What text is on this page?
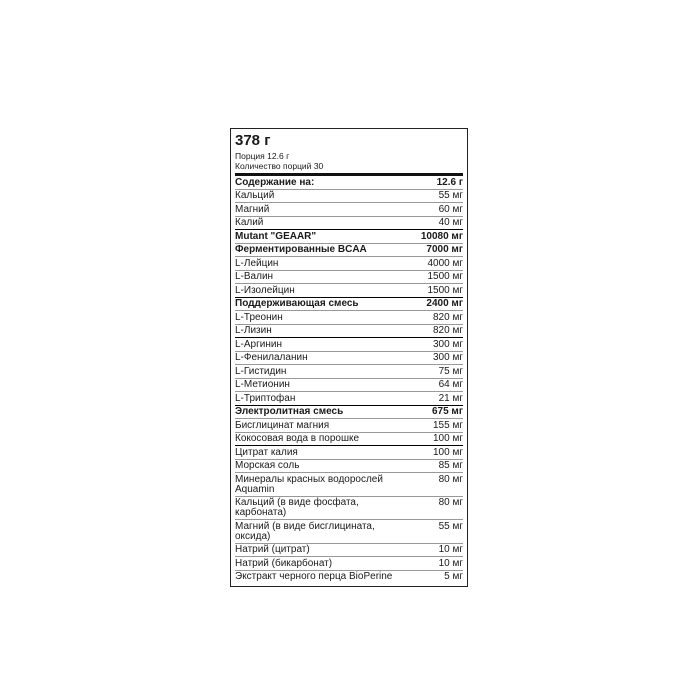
378 г
Порция 12.6 г
Количество порций 30
Содержание на:	12.6 г
Кальций	55 мг
Магний	60 мг
Калий	40 мг
Mutant "GEAAR"	10080 мг
Ферментированные BCAA	7000 мг
L-Лейцин	4000 мг
L-Валин	1500 мг
L-Изолейцин	1500 мг
Поддерживающая смесь	2400 мг
L-Треонин	820 мг
L-Лизин	820 мг
L-Аргинин	300 мг
L-Фенилаланин	300 мг
L-Гистидин	75 мг
L-Метионин	64 мг
L-Триптофан	21 мг
Электролитная смесь	675 мг
Бисглицинат магния	155 мг
Кокосовая вода в порошке	100 мг
Цитрат калия	100 мг
Морская соль	85 мг
Минералы красных водорослей Aquamin	80 мг
Кальций (в виде фосфата, карбоната)	80 мг
Магний (в виде бисглицината, оксида)	55 мг
Натрий (цитрат)	10 мг
Натрий (бикарбонат)	10 мг
Экстракт черного перца BioPerine	5 мг
